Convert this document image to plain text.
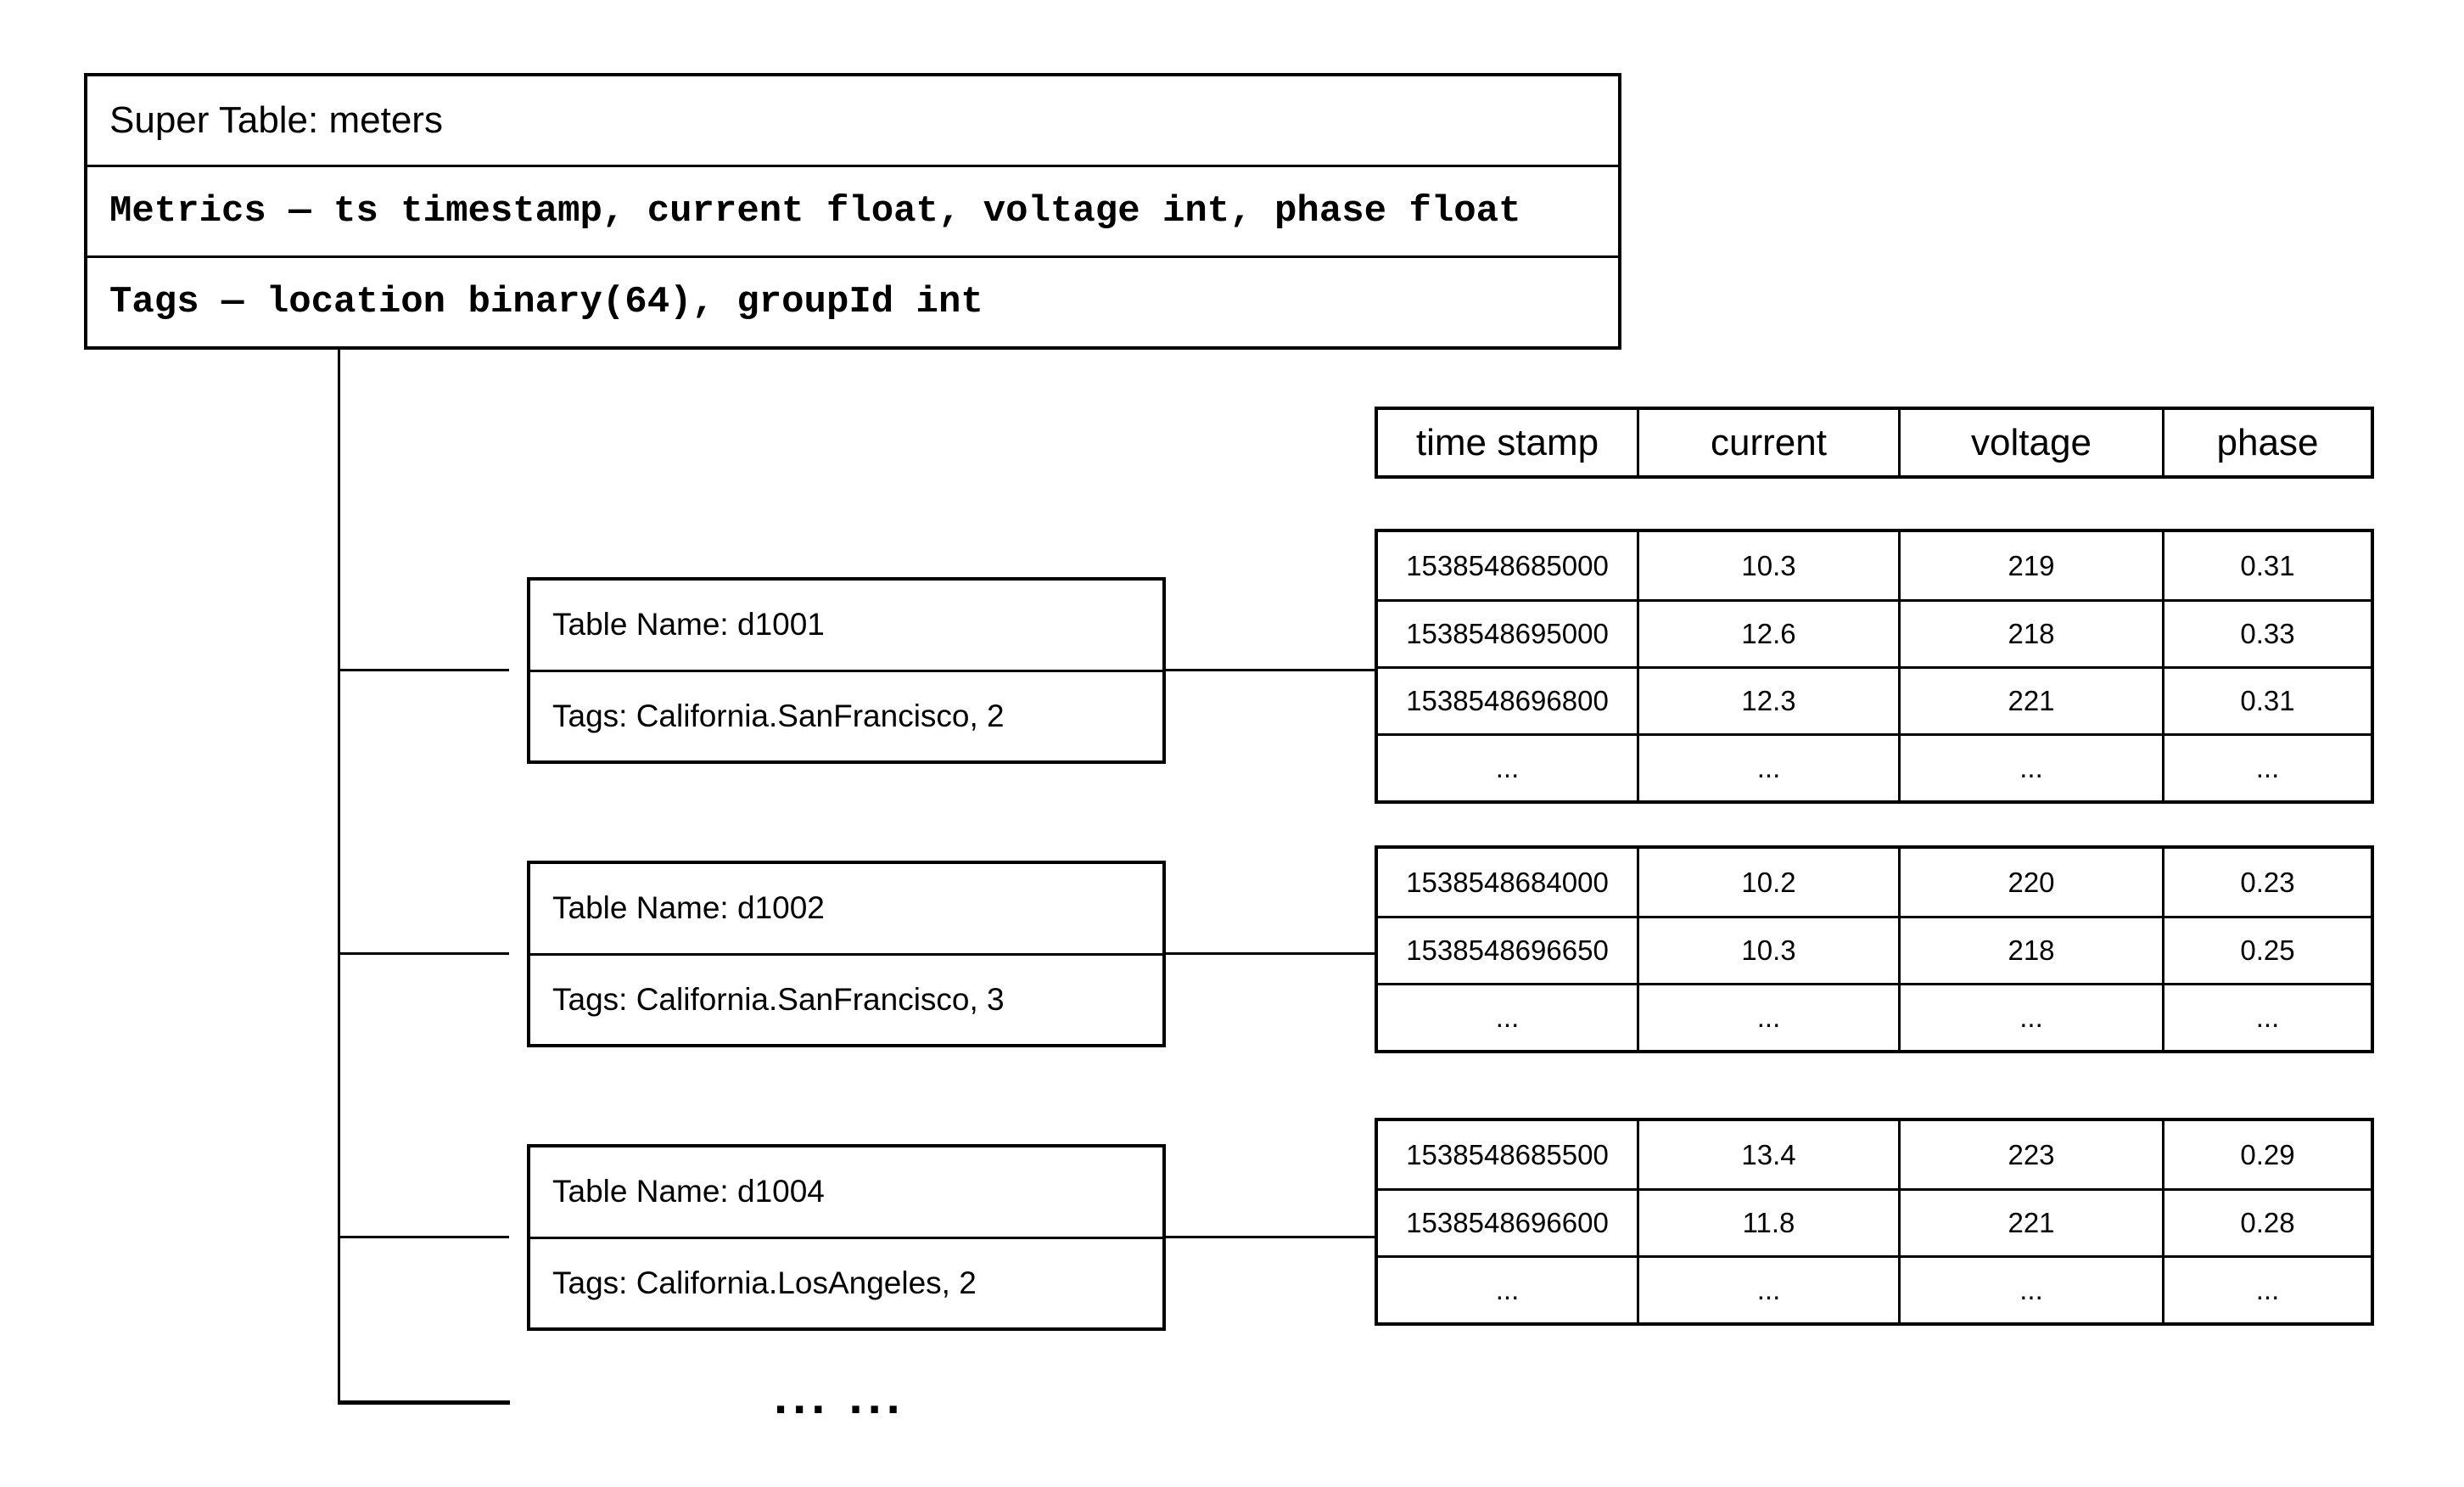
Super Table: meters
Metrics — ts timestamp, current float, voltage int, phase float
Tags — location binary(64), groupId int
Table Name: d1001
Tags: California.SanFrancisco, 2
Table Name: d1002
Tags: California.SanFrancisco, 3
Table Name: d1004
Tags: California.LosAngeles, 2
time stamp	current	voltage	phase
1538548685000	10.3	219	0.31
1538548695000	12.6	218	0.33
1538548696800	12.3	221	0.31
...	...	...	...
1538548684000	10.2	220	0.23
1538548696650	10.3	218	0.25
...	...	...	...
1538548685500	13.4	223	0.29
1538548696600	11.8	221	0.28
...	...	...	...
... ...
